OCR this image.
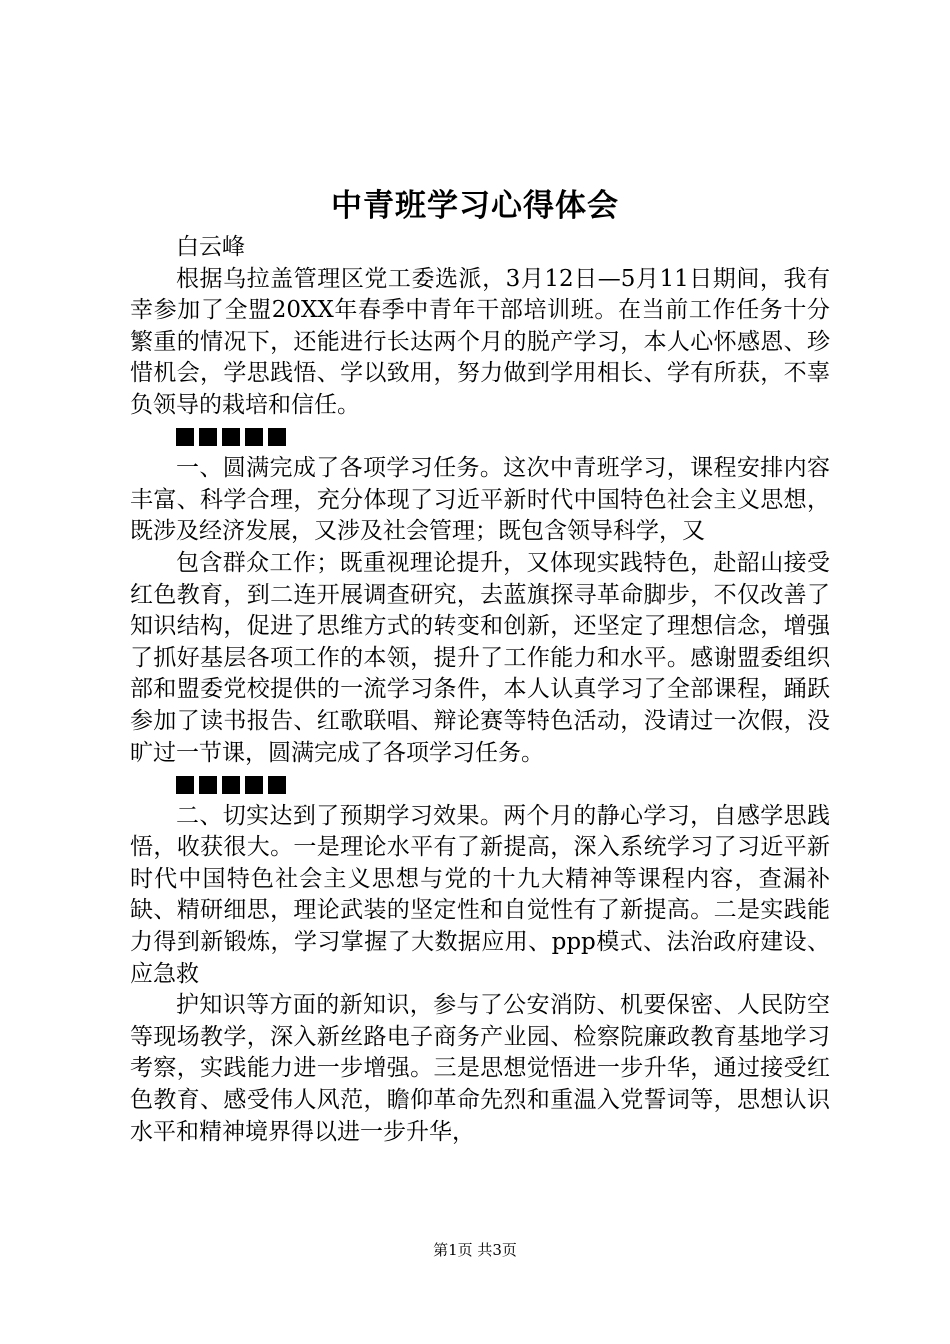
中青班学习心得体会

白云峰

根据乌拉盖管理区党工委选派，3月12日—5月11日期间，我有幸参加了全盟20XX年春季中青年干部培训班。在当前工作任务十分繁重的情况下，还能进行长达两个月的脱产学习，本人心怀感恩、珍惜机会，学思践悟、学以致用，努力做到学用相长、学有所获，不辜负领导的栽培和信任。

一、圆满完成了各项学习任务。这次中青班学习，课程安排内容丰富、科学合理，充分体现了习近平新时代中国特色社会主义思想，既涉及经济发展，又涉及社会管理；既包含领导科学，又

包含群众工作；既重视理论提升，又体现实践特色，赴韶山接受红色教育，到二连开展调查研究，去蓝旗探寻革命脚步，不仅改善了知识结构，促进了思维方式的转变和创新，还坚定了理想信念，增强了抓好基层各项工作的本领，提升了工作能力和水平。感谢盟委组织部和盟委党校提供的一流学习条件，本人认真学习了全部课程，踊跃参加了读书报告、红歌联唱、辩论赛等特色活动，没请过一次假，没旷过一节课，圆满完成了各项学习任务。

二、切实达到了预期学习效果。两个月的静心学习，自感学思践悟，收获很大。一是理论水平有了新提高，深入系统学习了习近平新时代中国特色社会主义思想与党的十九大精神等课程内容，查漏补缺、精研细思，理论武装的坚定性和自觉性有了新提高。二是实践能力得到新锻炼，学习掌握了大数据应用、ppp模式、法治政府建设、应急救

护知识等方面的新知识，参与了公安消防、机要保密、人民防空等现场教学，深入新丝路电子商务产业园、检察院廉政教育基地学习考察，实践能力进一步增强。三是思想觉悟进一步升华，通过接受红色教育、感受伟人风范，瞻仰革命先烈和重温入党誓词等，思想认识水平和精神境界得以进一步升华，

第1页 共3页
